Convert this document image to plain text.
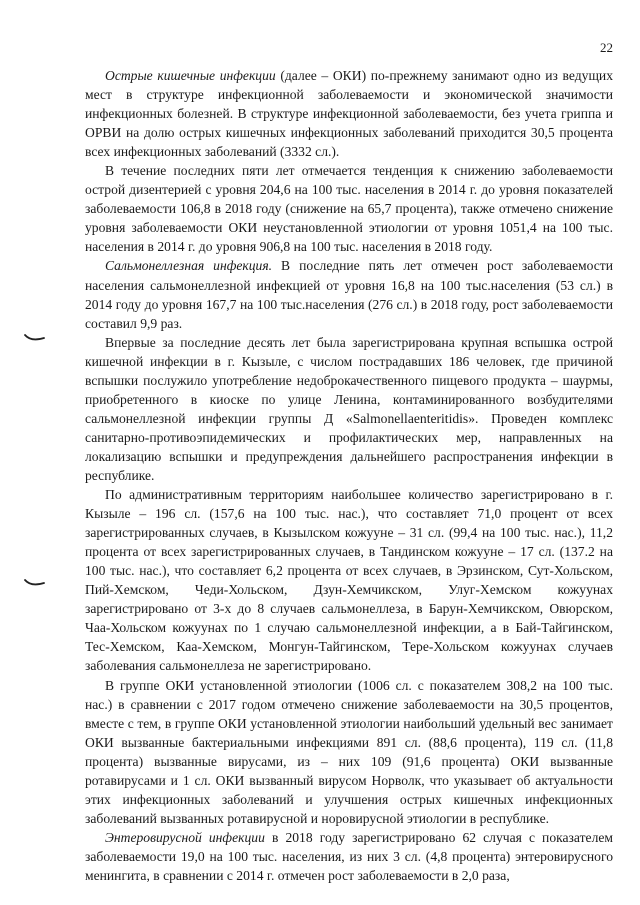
22

Острые кишечные инфекции (далее – ОКИ) по-прежнему занимают одно из ведущих мест в структуре инфекционной заболеваемости и экономической значимости инфекционных болезней. В структуре инфекционной заболеваемости, без учета гриппа и ОРВИ на долю острых кишечных инфекционных заболеваний приходится 30,5 процента всех инфекционных заболеваний (3332 сл.).

В течение последних пяти лет отмечается тенденция к снижению заболеваемости острой дизентерией с уровня 204,6 на 100 тыс. населения в 2014 г. до уровня показателей заболеваемости 106,8 в 2018 году (снижение на 65,7 процента), также отмечено снижение уровня заболеваемости ОКИ неустановленной этиологии от уровня 1051,4 на 100 тыс. населения в 2014 г. до уровня 906,8 на 100 тыс. населения в 2018 году.

Сальмонеллезная инфекция. В последние пять лет отмечен рост заболеваемости населения сальмонеллезной инфекцией от уровня 16,8 на 100 тыс.населения (53 сл.) в 2014 году до уровня 167,7 на 100 тыс.населения (276 сл.) в 2018 году, рост заболеваемости составил 9,9 раз.

Впервые за последние десять лет была зарегистрирована крупная вспышка острой кишечной инфекции в г. Кызыле, с числом пострадавших 186 человек, где причиной вспышки послужило употребление недоброкачественного пищевого продукта – шаурмы, приобретенного в киоске по улице Ленина, контаминированного возбудителями сальмонеллезной инфекции группы Д «Salmonellaenteritidis». Проведен комплекс санитарно-противоэпидемических и профилактических мер, направленных на локализацию вспышки и предупреждения дальнейшего распространения инфекции в республике.

По административным территориям наибольшее количество зарегистрировано в г. Кызыле – 196 сл. (157,6 на 100 тыс. нас.), что составляет 71,0 процент от всех зарегистрированных случаев, в Кызылском кожууне – 31 сл. (99,4 на 100 тыс. нас.), 11,2 процента от всех зарегистрированных случаев, в Тандинском кожууне – 17 сл. (137.2 на 100 тыс. нас.), что составляет 6,2 процента от всех случаев, в Эрзинском, Сут-Хольском, Пий-Хемском, Чеди-Хольском, Дзун-Хемчикском, Улуг-Хемском кожуунах зарегистрировано от 3-х до 8 случаев сальмонеллеза, в Барун-Хемчикском, Овюрском, Чаа-Хольском кожуунах по 1 случаю сальмонеллезной инфекции, а в Бай-Тайгинском, Тес-Хемском, Каа-Хемском, Монгун-Тайгинском, Тере-Хольском кожуунах случаев заболевания сальмонеллеза не зарегистрировано.

В группе ОКИ установленной этиологии (1006 сл. с показателем 308,2 на 100 тыс. нас.) в сравнении с 2017 годом отмечено снижение заболеваемости на 30,5 процентов, вместе с тем, в группе ОКИ установленной этиологии наибольший удельный вес занимает ОКИ вызванные бактериальными инфекциями 891 сл. (88,6 процента), 119 сл. (11,8 процента) вызванные вирусами, из – них 109 (91,6 процента) ОКИ вызванные ротавирусами и 1 сл. ОКИ вызванный вирусом Норволк, что указывает об актуальности этих инфекционных заболеваний и улучшения острых кишечных инфекционных заболеваний вызванных ротавирусной и норовирусной этиологии в республике.

Энтеровирусной инфекции в 2018 году зарегистрировано 62 случая с показателем заболеваемости 19,0 на 100 тыс. населения, из них 3 сл. (4,8 процента) энтеровирусного менингита, в сравнении с 2014 г. отмечен рост заболеваемости в 2,0 раза,
